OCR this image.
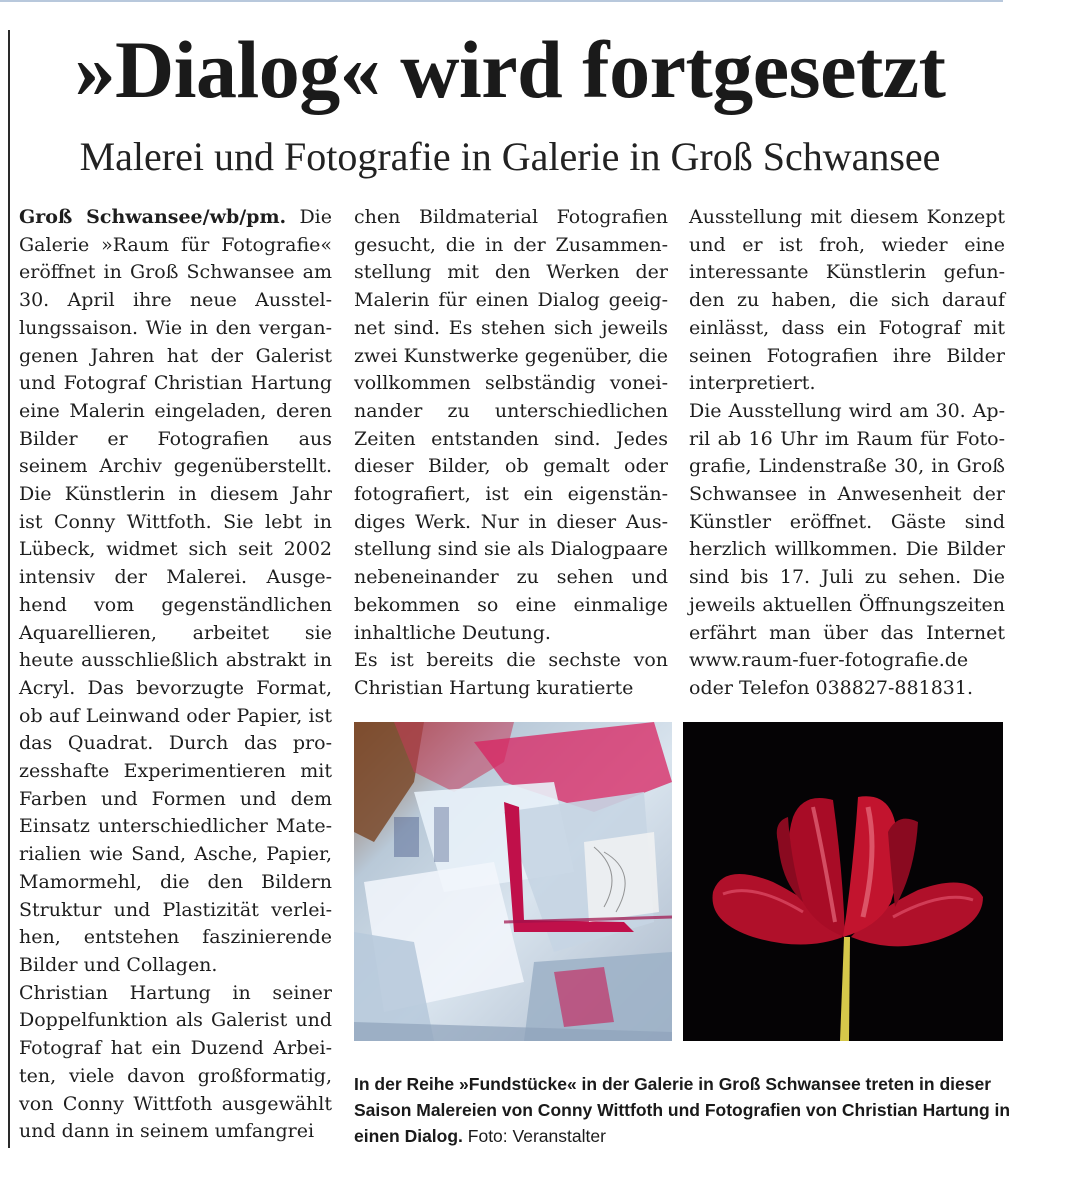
»Dialog« wird fortgesetzt
Malerei und Fotografie in Galerie in Groß Schwansee

Groß Schwansee/wb/pm. Die Galerie »Raum für Fotografie« eröffnet in Groß Schwansee am 30. April ihre neue Ausstellungssaison. Wie in den vergangenen Jahren hat der Galerist und Fotograf Christian Hartung eine Malerin eingeladen, deren Bilder er Fotografien aus seinem Archiv gegenüberstellt. Die Künstlerin in diesem Jahr ist Conny Wittfoth. Sie lebt in Lübeck, widmet sich seit 2002 intensiv der Malerei. Ausgehend vom gegenständlichen Aquarellieren, arbeitet sie heute ausschließlich abstrakt in Acryl. Das bevorzugte Format, ob auf Leinwand oder Papier, ist das Quadrat. Durch das prozesshafte Experimentieren mit Farben und Formen und dem Einsatz unterschiedlicher Materialien wie Sand, Asche, Papier, Mamormehl, die den Bildern Struktur und Plastizität verleihen, entstehen faszinierende Bilder und Collagen.

Christian Hartung in seiner Doppelfunktion als Galerist und Fotograf hat ein Duzend Arbeiten, viele davon großformatig, von Conny Wittfoth ausgewählt und dann in seinem umfangrei

chen Bildmaterial Fotografien gesucht, die in der Zusammenstellung mit den Werken der Malerin für einen Dialog geeignet sind. Es stehen sich jeweils zwei Kunstwerke gegenüber, die vollkommen selbständig voneinander zu unterschiedlichen Zeiten entstanden sind. Jedes dieser Bilder, ob gemalt oder fotografiert, ist ein eigenständiges Werk. Nur in dieser Ausstellung sind sie als Dialogpaare nebeneinander zu sehen und bekommen so eine einmalige inhaltliche Deutung.

Es ist bereits die sechste von Christian Hartung kuratierte

Ausstellung mit diesem Konzept und er ist froh, wieder eine interessante Künstlerin gefunden zu haben, die sich darauf einlässt, dass ein Fotograf mit seinen Fotografien ihre Bilder interpretiert.

Die Ausstellung wird am 30. April ab 16 Uhr im Raum für Fotografie, Lindenstraße 30, in Groß Schwansee in Anwesenheit der Künstler eröffnet. Gäste sind herzlich willkommen. Die Bilder sind bis 17. Juli zu sehen. Die jeweils aktuellen Öffnungszeiten erfährt man über das Internet www.raum-fuer-fotografie.de oder Telefon 038827-881831.

In der Reihe »Fundstücke« in der Galerie in Groß Schwansee treten in dieser Saison Malereien von Conny Wittfoth und Fotografien von Christian Hartung in einen Dialog. Foto: Veranstalter
